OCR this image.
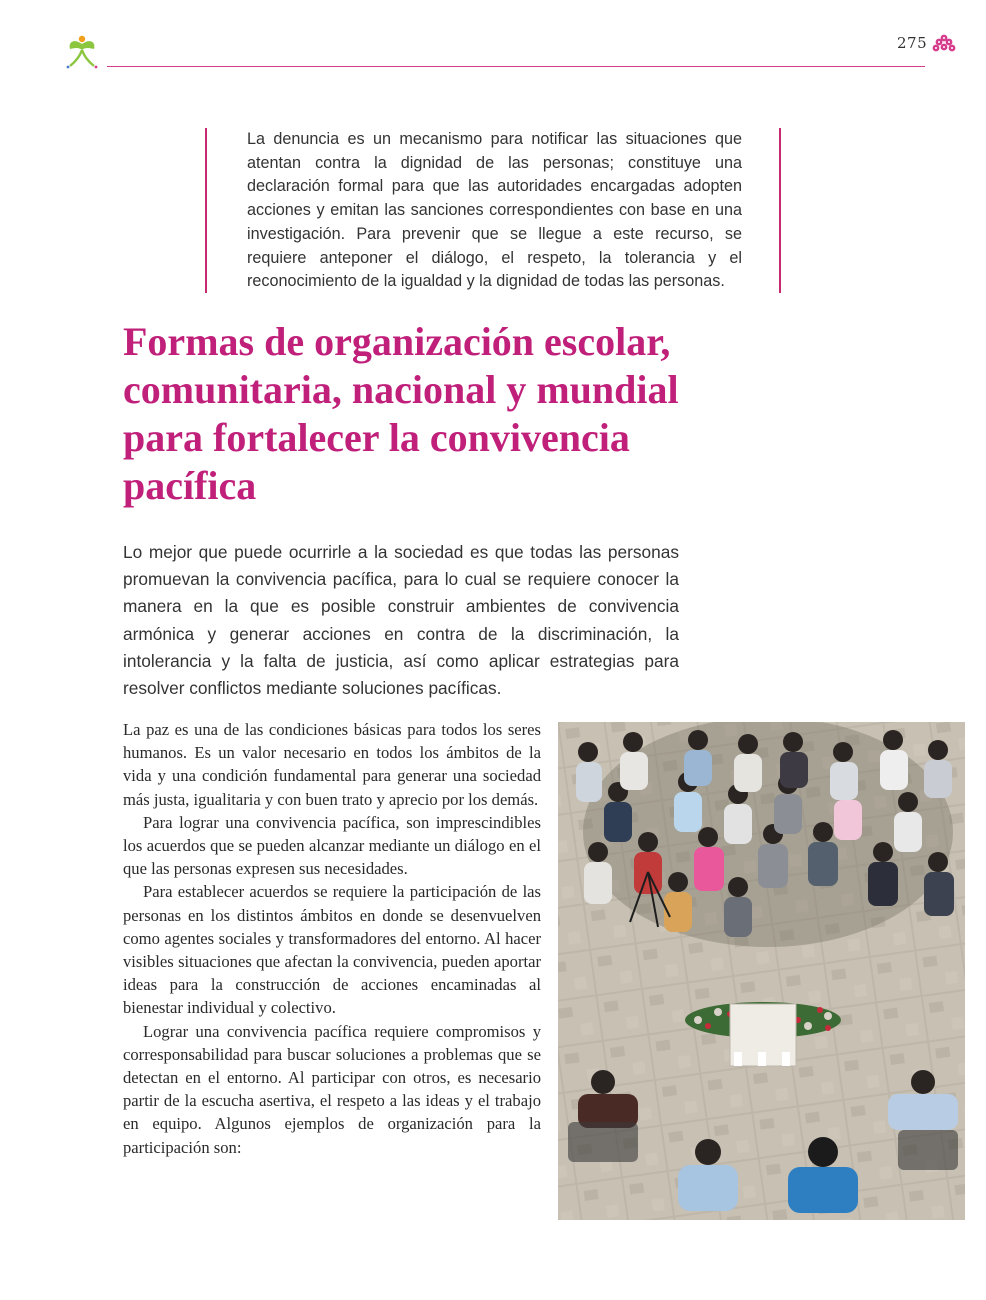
275

La denuncia es un mecanismo para notificar las situaciones que atentan contra la dignidad de las personas; constituye una declaración formal para que las autoridades encargadas adopten acciones y emitan las sanciones correspondientes con base en una investigación. Para prevenir que se llegue a este recurso, se requiere anteponer el diálogo, el respeto, la tolerancia y el reconocimiento de la igualdad y la dignidad de todas las personas.

Formas de organización escolar, comunitaria, nacional y mundial para fortalecer la convivencia pacífica

Lo mejor que puede ocurrirle a la sociedad es que todas las personas promuevan la convivencia pacífica, para lo cual se requiere conocer la manera en la que es posible construir ambientes de convivencia armónica y generar acciones en contra de la discriminación, la intolerancia y la falta de justicia, así como aplicar estrategias para resolver conflictos mediante soluciones pacíficas.

La paz es una de las condiciones básicas para todos los seres humanos. Es un valor necesario en todos los ámbitos de la vida y una condición fundamental para generar una sociedad más justa, igualitaria y con buen trato y aprecio por los demás.

Para lograr una convivencia pacífica, son imprescindibles los acuerdos que se pueden alcanzar mediante un diálogo en el que las personas expresen sus necesidades.

Para establecer acuerdos se requiere la participación de las personas en los distintos ámbitos en donde se desenvuelven como agentes sociales y transformadores del entorno. Al hacer visibles situaciones que afectan la convivencia, pueden aportar ideas para la construcción de acciones encaminadas al bienestar individual y colectivo.

Lograr una convivencia pacífica requiere compromisos y corresponsabilidad para buscar soluciones a problemas que se detectan en el entorno. Al participar con otros, es necesario partir de la escucha asertiva, el respeto a las ideas y el trabajo en equipo. Algunos ejemplos de organización para la participación son:
